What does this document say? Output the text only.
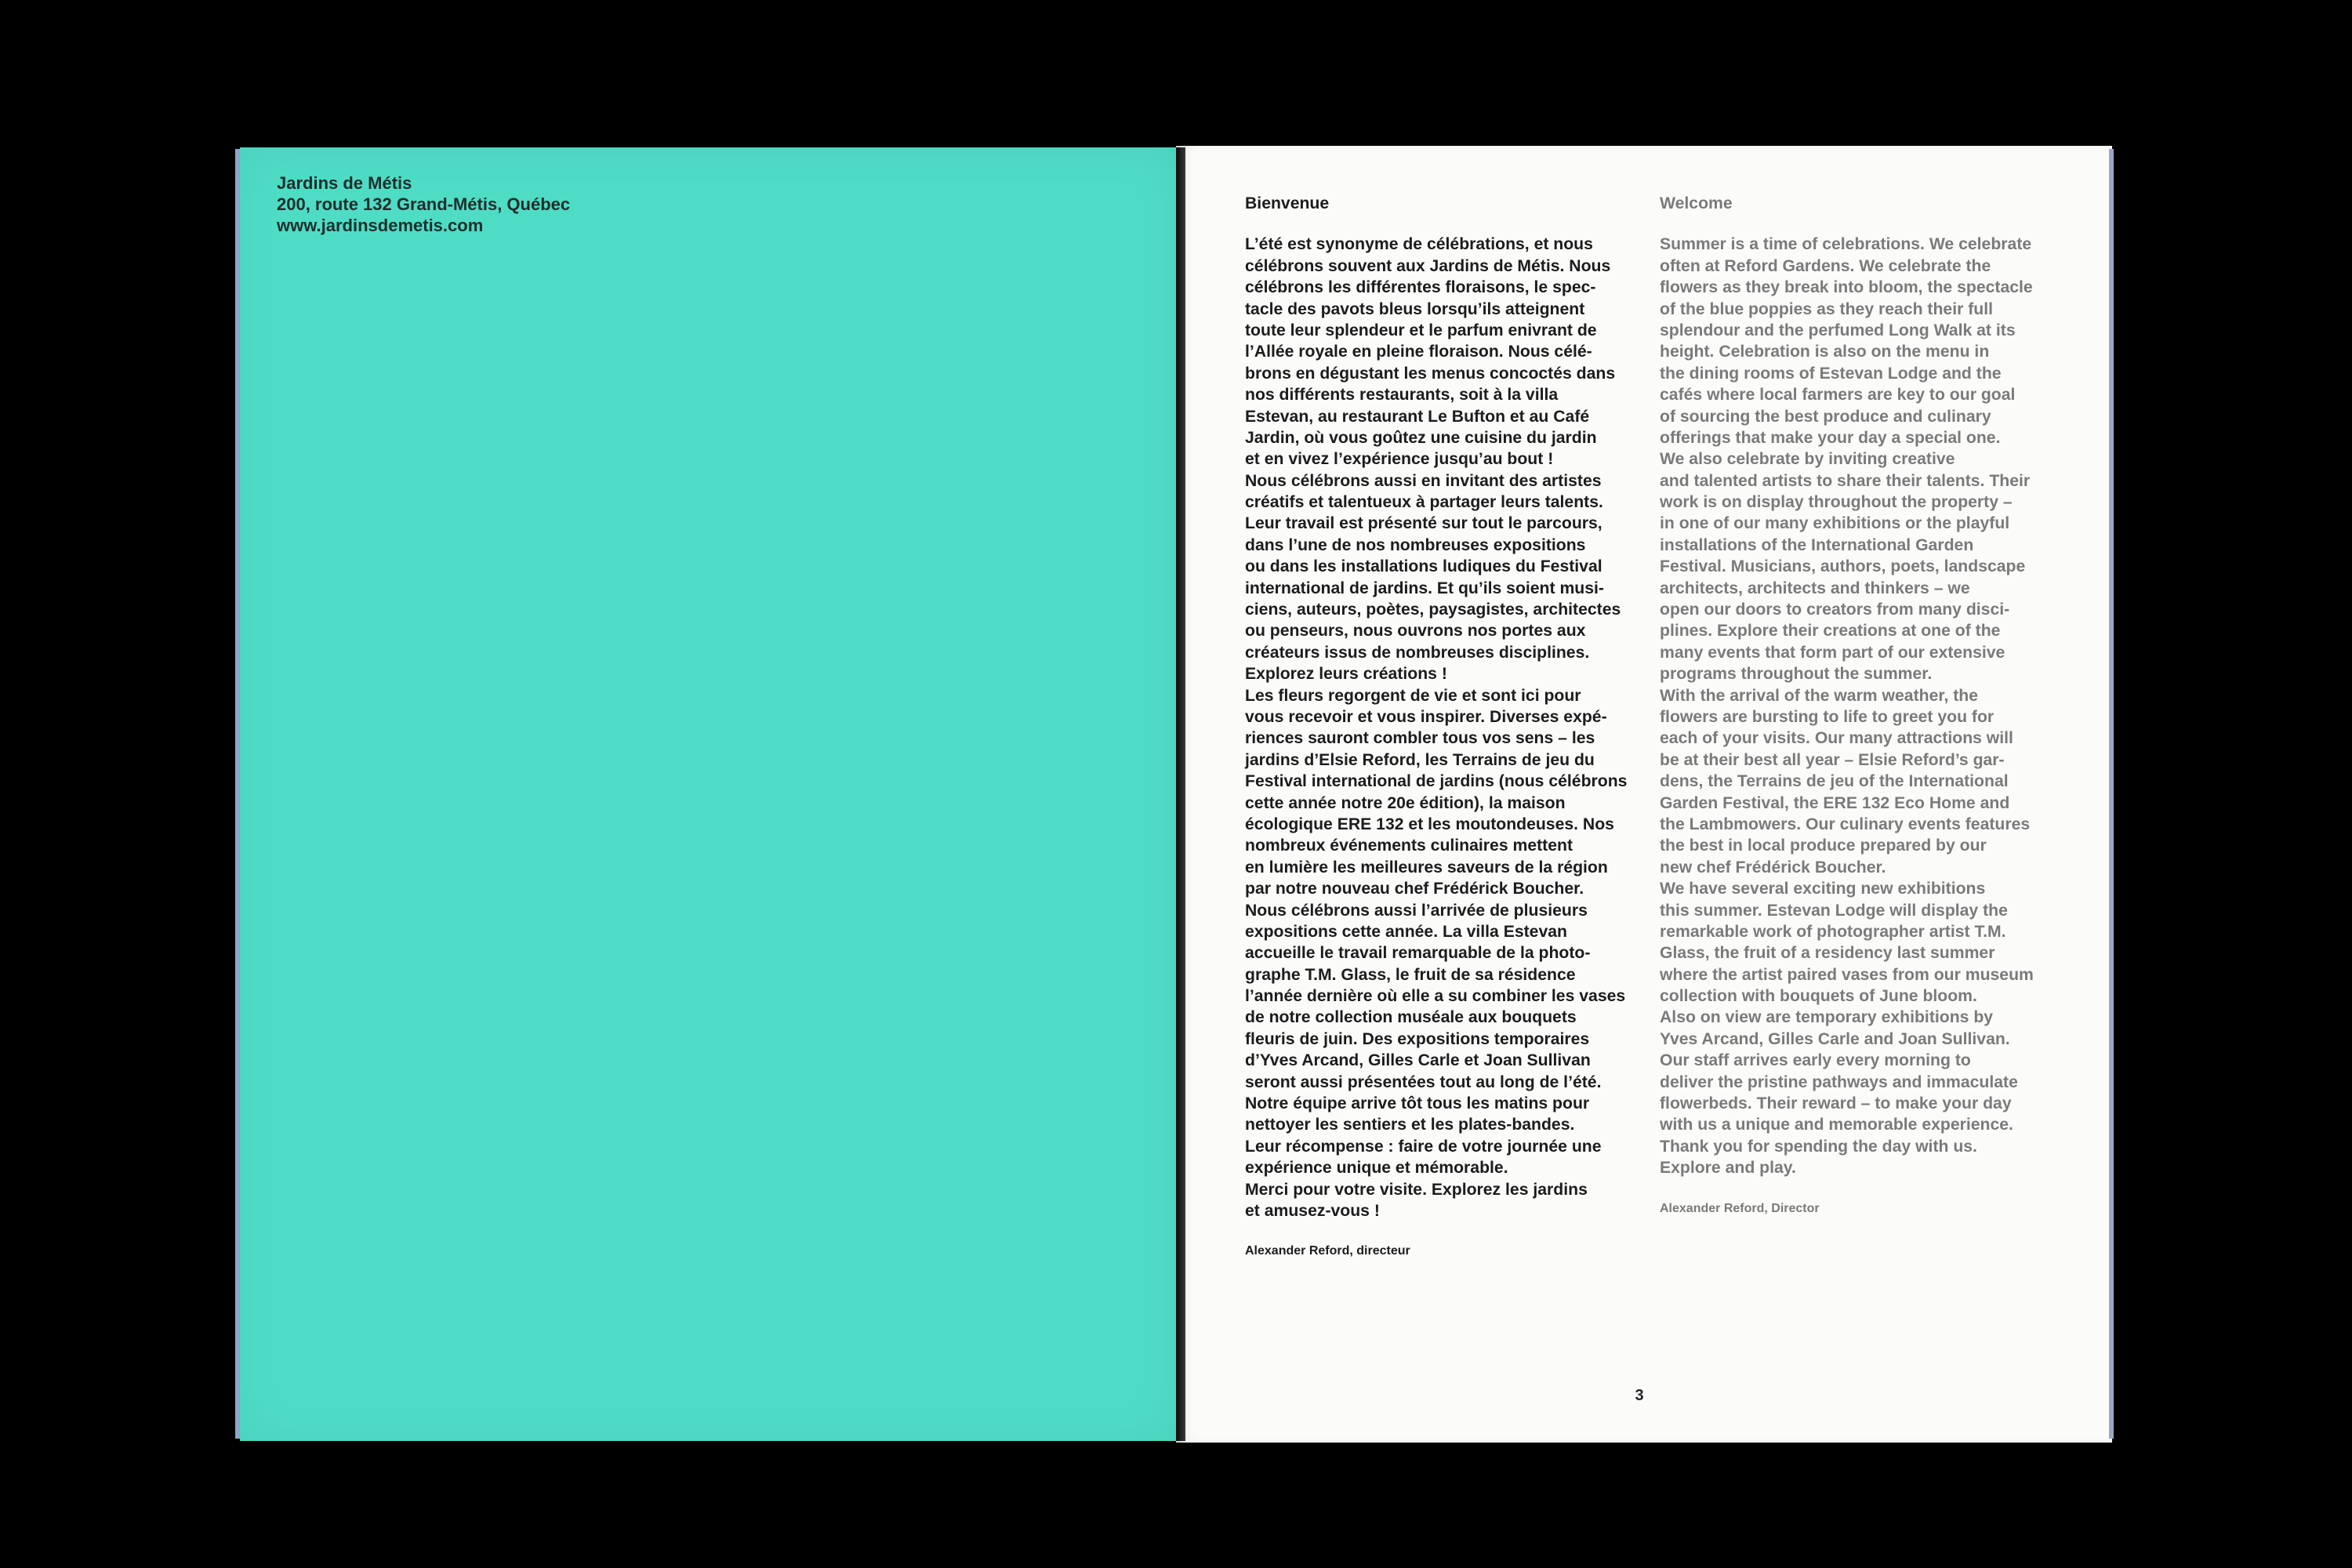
Jardins de Métis
200, route 132 Grand-Métis, Québec
www.jardinsdemetis.com
Bienvenue
L’été est synonyme de célébrations, et nous
célébrons souvent aux Jardins de Métis. Nous
célébrons les différentes floraisons, le spec-
tacle des pavots bleus lorsqu’ils atteignent
toute leur splendeur et le parfum enivrant de
l’Allée royale en pleine floraison. Nous célé-
brons en dégustant les menus concoctés dans
nos différents restaurants, soit à la villa
Estevan, au restaurant Le Bufton et au Café
Jardin, où vous goûtez une cuisine du jardin
et en vivez l’expérience jusqu’au bout !
Nous célébrons aussi en invitant des artistes
créatifs et talentueux à partager leurs talents.
Leur travail est présenté sur tout le parcours,
dans l’une de nos nombreuses expositions
ou dans les installations ludiques du Festival
international de jardins. Et qu’ils soient musi-
ciens, auteurs, poètes, paysagistes, architectes
ou penseurs, nous ouvrons nos portes aux
créateurs issus de nombreuses disciplines.
Explorez leurs créations !
Les fleurs regorgent de vie et sont ici pour
vous recevoir et vous inspirer. Diverses expé-
riences sauront combler tous vos sens – les
jardins d’Elsie Reford, les Terrains de jeu du
Festival international de jardins (nous célébrons
cette année notre 20e édition), la maison
écologique ERE 132 et les moutondeuses. Nos
nombreux événements culinaires mettent
en lumière les meilleures saveurs de la région
par notre nouveau chef Frédérick Boucher.
Nous célébrons aussi l’arrivée de plusieurs
expositions cette année. La villa Estevan
accueille le travail remarquable de la photo-
graphe T.M. Glass, le fruit de sa résidence
l’année dernière où elle a su combiner les vases
de notre collection muséale aux bouquets
fleuris de juin. Des expositions temporaires
d’Yves Arcand, Gilles Carle et Joan Sullivan
seront aussi présentées tout au long de l’été.
Notre équipe arrive tôt tous les matins pour
nettoyer les sentiers et les plates-bandes.
Leur récompense : faire de votre journée une
expérience unique et mémorable.
Merci pour votre visite. Explorez les jardins
et amusez-vous !
Alexander Reford, directeur
Welcome
Summer is a time of celebrations. We celebrate
often at Reford Gardens. We celebrate the
flowers as they break into bloom, the spectacle
of the blue poppies as they reach their full
splendour and the perfumed Long Walk at its
height. Celebration is also on the menu in
the dining rooms of Estevan Lodge and the
cafés where local farmers are key to our goal
of sourcing the best produce and culinary
offerings that make your day a special one.
We also celebrate by inviting creative
and talented artists to share their talents. Their
work is on display throughout the property –
in one of our many exhibitions or the playful
installations of the International Garden
Festival. Musicians, authors, poets, landscape
architects, architects and thinkers – we
open our doors to creators from many disci-
plines. Explore their creations at one of the
many events that form part of our extensive
programs throughout the summer.
With the arrival of the warm weather, the
flowers are bursting to life to greet you for
each of your visits. Our many attractions will
be at their best all year – Elsie Reford’s gar-
dens, the Terrains de jeu of the International
Garden Festival, the ERE 132 Eco Home and
the Lambmowers. Our culinary events features
the best in local produce prepared by our
new chef Frédérick Boucher.
We have several exciting new exhibitions
this summer. Estevan Lodge will display the
remarkable work of photographer artist T.M.
Glass, the fruit of a residency last summer
where the artist paired vases from our museum
collection with bouquets of June bloom.
Also on view are temporary exhibitions by
Yves Arcand, Gilles Carle and Joan Sullivan.
Our staff arrives early every morning to
deliver the pristine pathways and immaculate
flowerbeds. Their reward – to make your day
with us a unique and memorable experience.
Thank you for spending the day with us.
Explore and play.
Alexander Reford, Director
3
